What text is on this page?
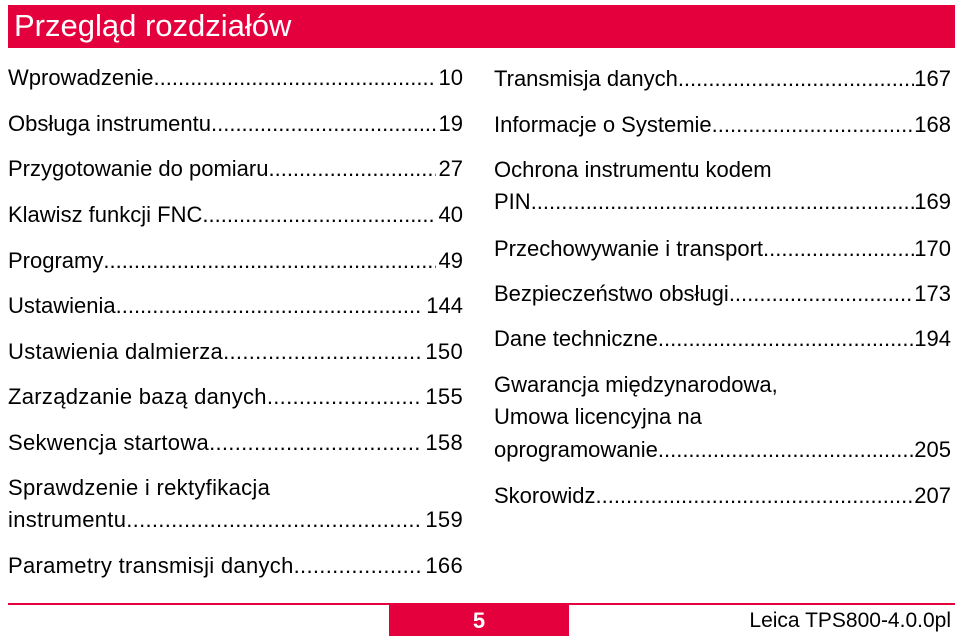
Przegląd rozdziałów
Wprowadzenie .....	10
Obsługa instrumentu .....	19
Przygotowanie do pomiaru .....	27
Klawisz funkcji FNC .....	40
Programy .....	49
Ustawienia .....	144
Ustawienia dalmierza .....	150
Zarządzanie bazą danych .....	155
Sekwencja startowa .....	158
Sprawdzenie i rektyfikacja
instrumentu .....	159
Parametry transmisji danych .....	166
Transmisja danych .....	167
Informacje o Systemie .....	168
Ochrona instrumentu kodem
PIN .....	169
Przechowywanie i transport .....	170
Bezpieczeństwo obsługi .....	173
Dane techniczne .....	194
Gwarancja międzynarodowa,
Umowa licencyjna na
oprogramowanie .....	205
Skorowidz .....	207
5	Leica TPS800-4.0.0pl
